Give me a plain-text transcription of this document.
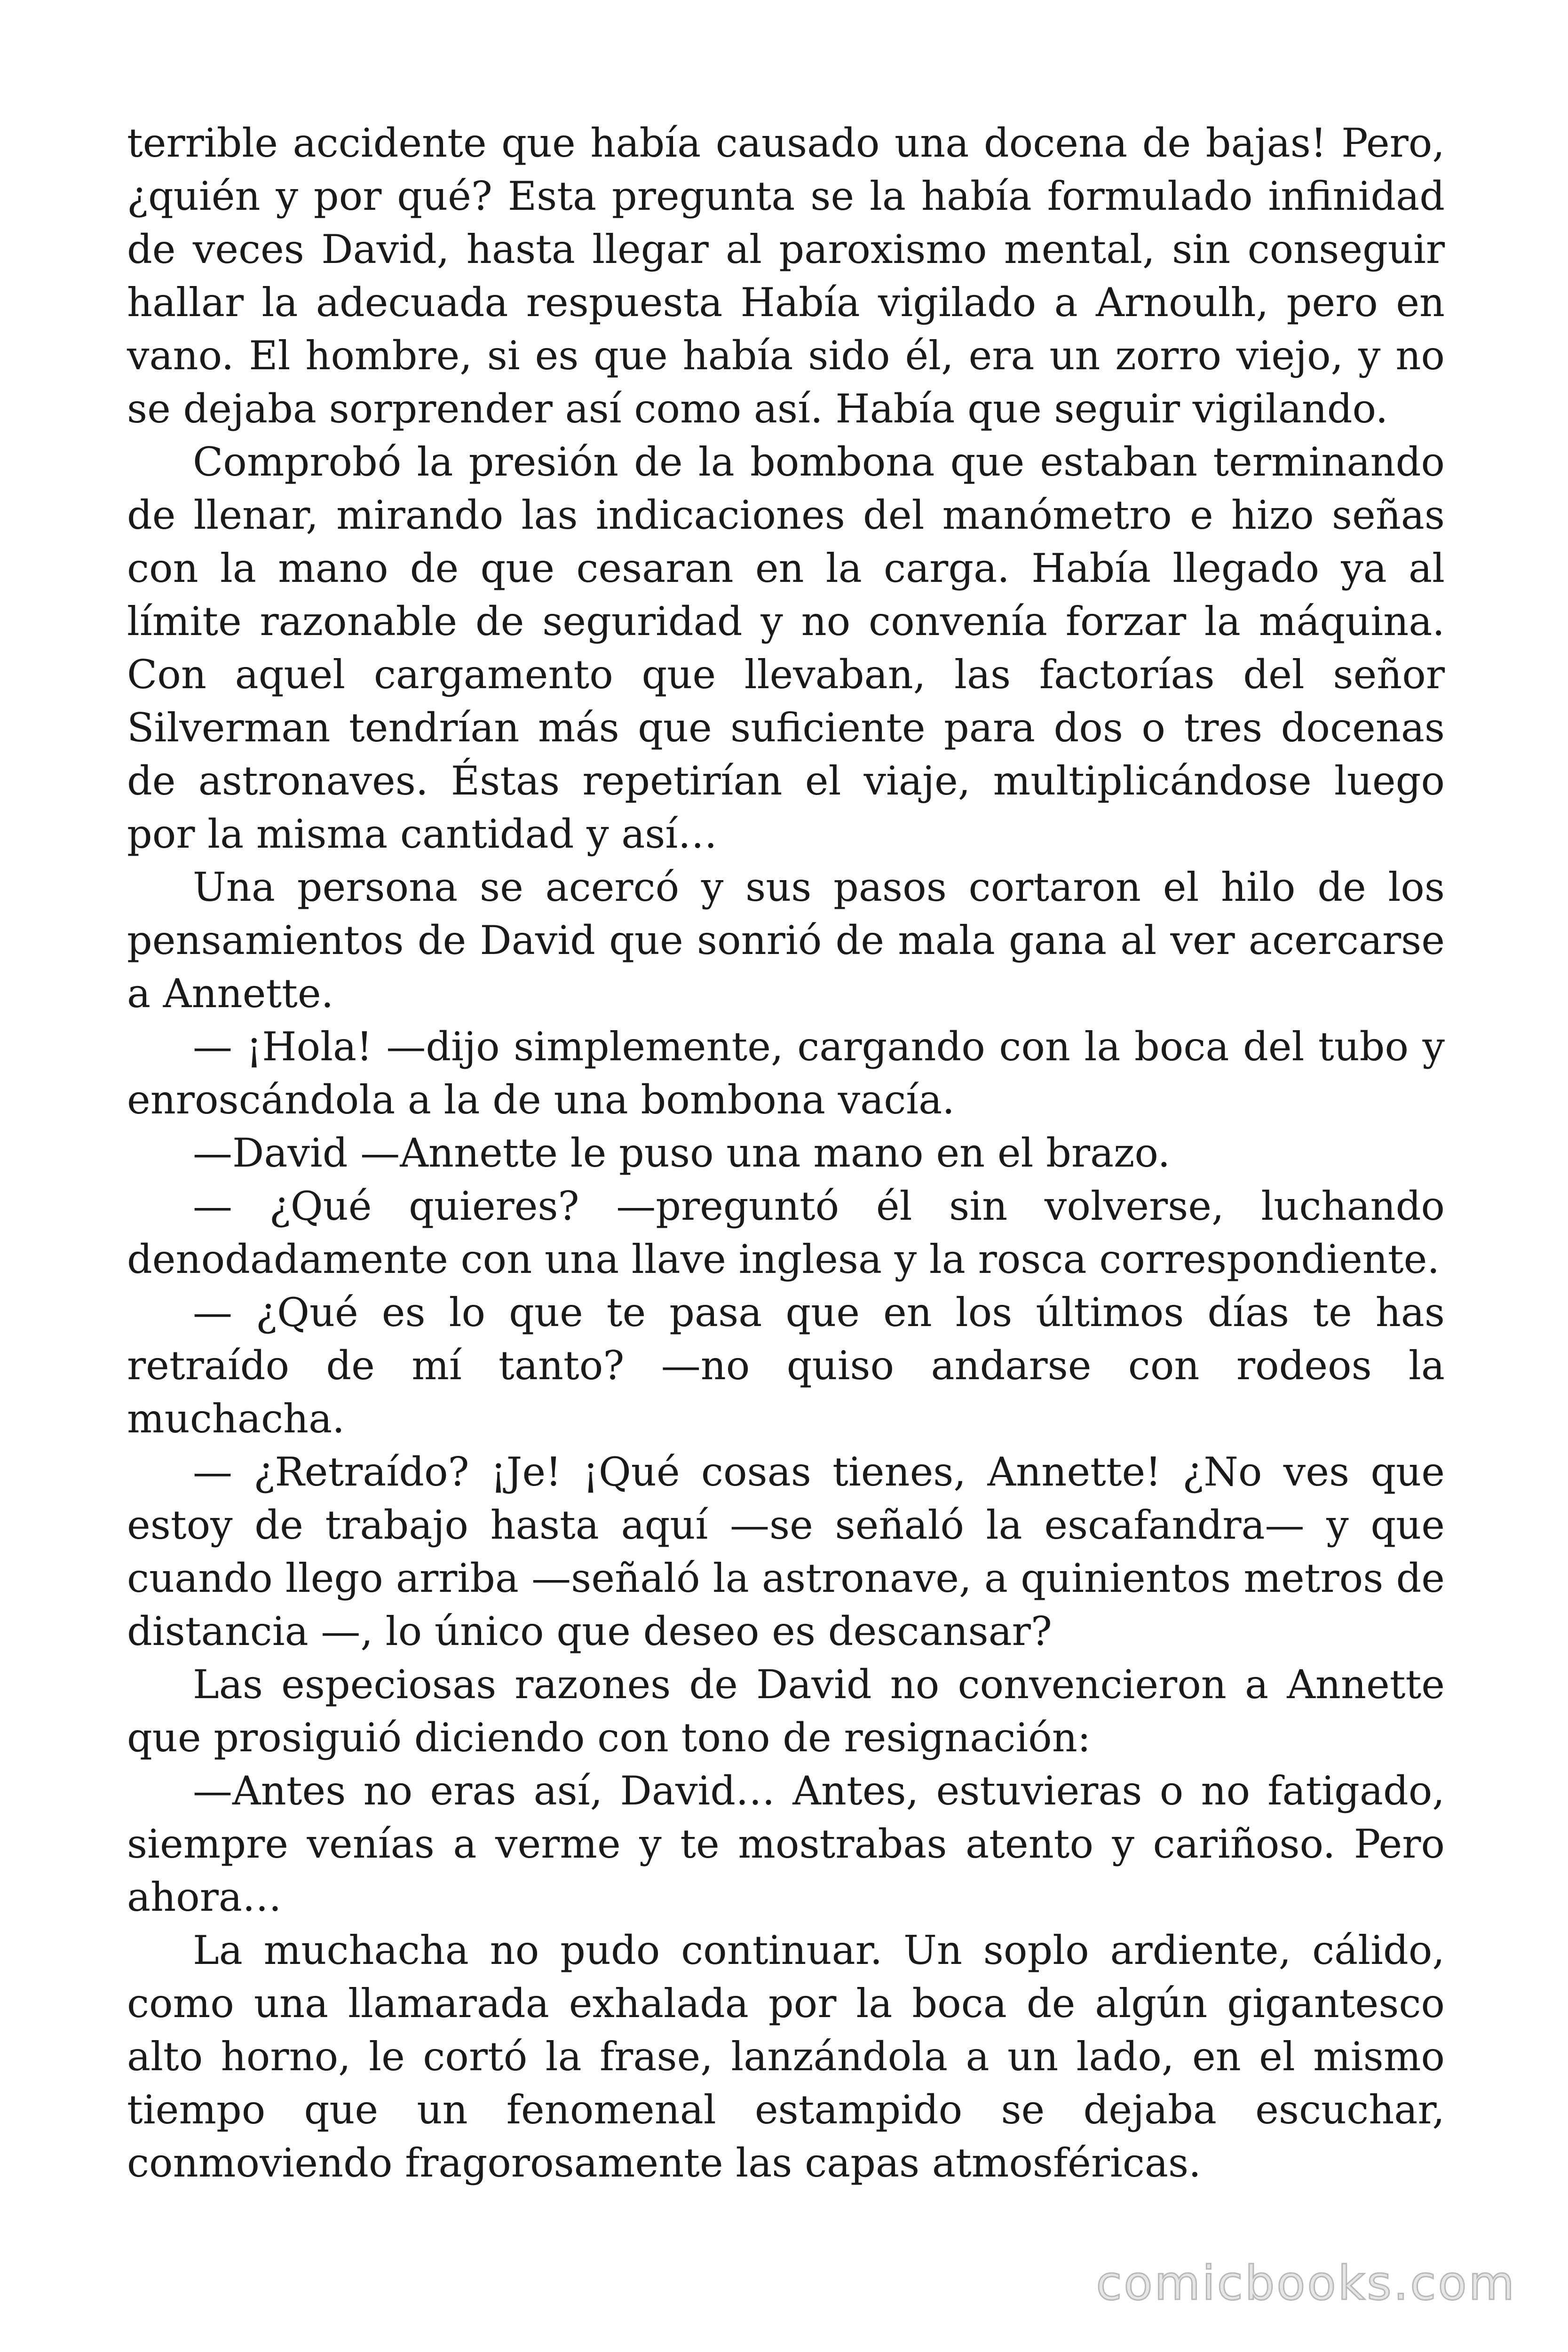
terrible accidente que había causado una docena de bajas! Pero, ¿quién y por qué? Esta pregunta se la había formulado infinidad de veces David, hasta llegar al paroxismo mental, sin conseguir hallar la adecuada respuesta Había vigilado a Arnoulh, pero en vano. El hombre, si es que había sido él, era un zorro viejo, y no se dejaba sorprender así como así. Había que seguir vigilando.

Comprobó la presión de la bombona que estaban terminando de llenar, mirando las indicaciones del manómetro e hizo señas con la mano de que cesaran en la carga. Había llegado ya al límite razonable de seguridad y no convenía forzar la máquina. Con aquel cargamento que llevaban, las factorías del señor Silverman tendrían más que suficiente para dos o tres docenas de astronaves. Éstas repetirían el viaje, multiplicándose luego por la misma cantidad y así…

Una persona se acercó y sus pasos cortaron el hilo de los pensamientos de David que sonrió de mala gana al ver acercarse a Annette.

— ¡Hola! —dijo simplemente, cargando con la boca del tubo y enroscándola a la de una bombona vacía.

—David —Annette le puso una mano en el brazo.

— ¿Qué quieres? —preguntó él sin volverse, luchando denodadamente con una llave inglesa y la rosca correspondiente.

— ¿Qué es lo que te pasa que en los últimos días te has retraído de mí tanto? —no quiso andarse con rodeos la muchacha.

— ¿Retraído? ¡Je! ¡Qué cosas tienes, Annette! ¿No ves que estoy de trabajo hasta aquí —se señaló la escafandra— y que cuando llego arriba —señaló la astronave, a quinientos metros de distancia —, lo único que deseo es descansar?

Las especiosas razones de David no convencieron a Annette que prosiguió diciendo con tono de resignación:

—Antes no eras así, David… Antes, estuvieras o no fatigado, siempre venías a verme y te mostrabas atento y cariñoso. Pero ahora…

La muchacha no pudo continuar. Un soplo ardiente, cálido, como una llamarada exhalada por la boca de algún gigantesco alto horno, le cortó la frase, lanzándola a un lado, en el mismo tiempo que un fenomenal estampido se dejaba escuchar, conmoviendo fragorosamente las capas atmosféricas.

comicbooks.com
